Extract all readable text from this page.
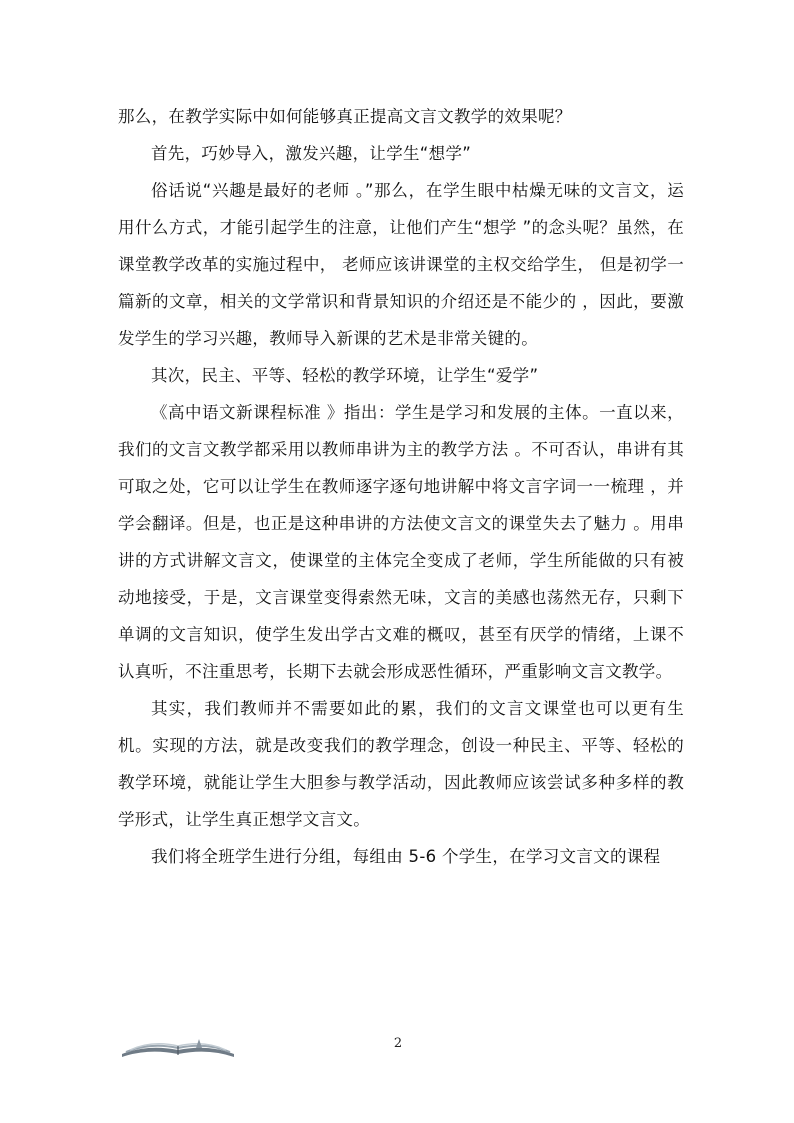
那么，在教学实际中如何能够真正提高文言文教学的效果呢？

首先，巧妙导入，激发兴趣，让学生“想学”

俗话说“兴趣是最好的老师 。”那么，在学生眼中枯燥无味的文言文，运用什么方式，才能引起学生的注意，让他们产生“想学 ”的念头呢？虽然，在课堂教学改革的实施过程中， 老师应该讲课堂的主权交给学生， 但是初学一篇新的文章，相关的文学常识和背景知识的介绍还是不能少的 ，因此，要激发学生的学习兴趣，教师导入新课的艺术是非常关键的。

其次，民主、平等、轻松的教学环境，让学生“爱学”

《高中语文新课程标准 》指出：学生是学习和发展的主体。一直以来，我们的文言文教学都采用以教师串讲为主的教学方法 。不可否认，串讲有其可取之处，它可以让学生在教师逐字逐句地讲解中将文言字词一一梳理 ，并学会翻译。但是，也正是这种串讲的方法使文言文的课堂失去了魅力 。用串讲的方式讲解文言文，使课堂的主体完全变成了老师，学生所能做的只有被动地接受，于是，文言课堂变得索然无味，文言的美感也荡然无存，只剩下单调的文言知识，使学生发出学古文难的概叹，甚至有厌学的情绪，上课不认真听，不注重思考，长期下去就会形成恶性循环，严重影响文言文教学。

其实，我们教师并不需要如此的累，我们的文言文课堂也可以更有生机。实现的方法，就是改变我们的教学理念，创设一种民主、平等、轻松的教学环境，就能让学生大胆参与教学活动，因此教师应该尝试多种多样的教学形式，让学生真正想学文言文。

我们将全班学生进行分组，每组由 5-6 个学生，在学习文言文的课程

2
